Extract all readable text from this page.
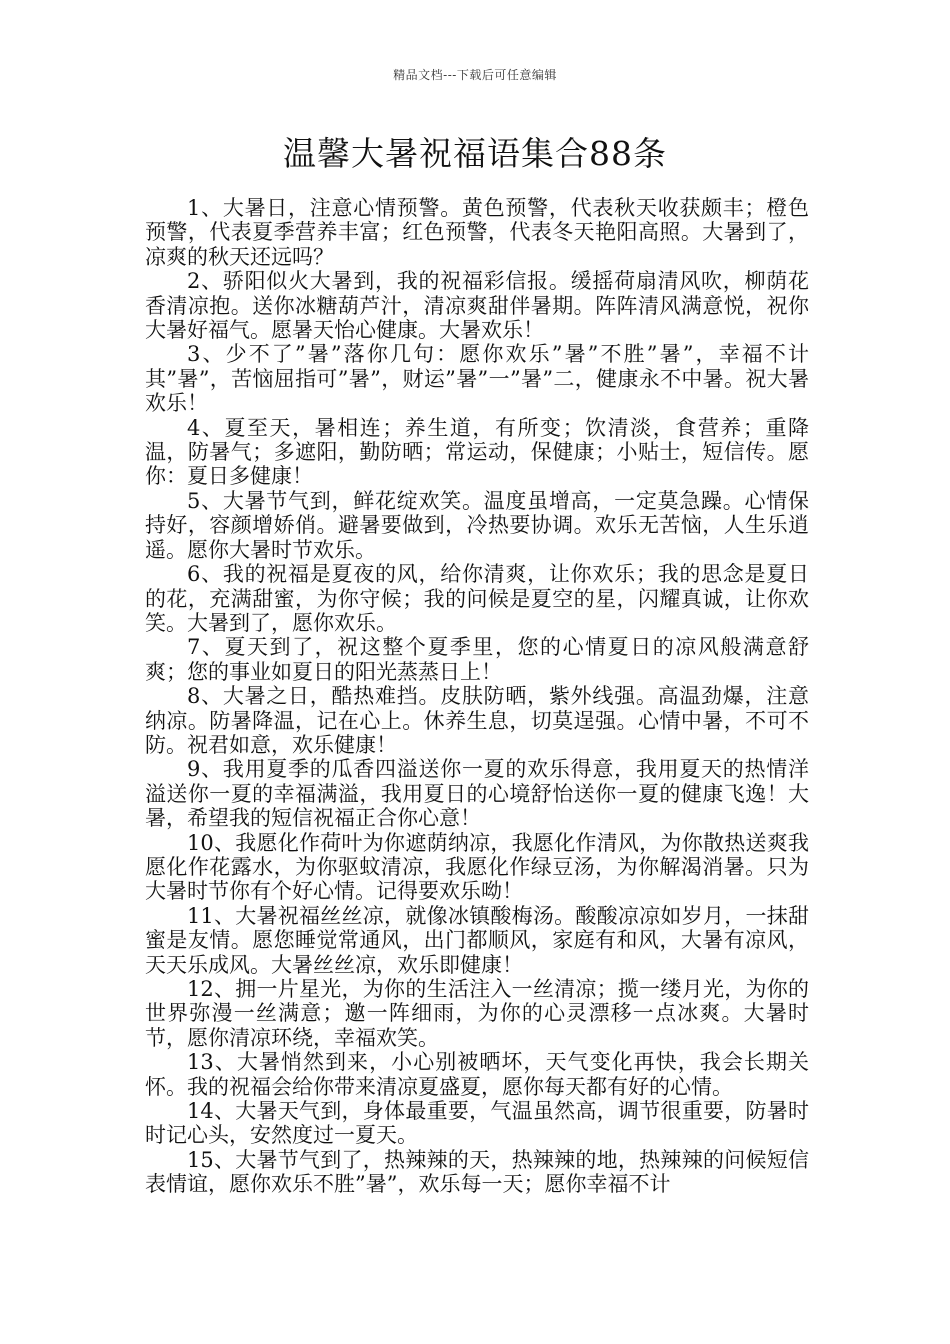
精品文档---下载后可任意编辑
温馨大暑祝福语集合88条

1、大暑日，注意心情预警。黄色预警，代表秋天收获颇丰；橙色预警，代表夏季营养丰富；红色预警，代表冬天艳阳高照。大暑到了，凉爽的秋天还远吗？

2、骄阳似火大暑到，我的祝福彩信报。缓摇荷扇清风吹，柳荫花香清凉抱。送你冰糖葫芦汁，清凉爽甜伴暑期。阵阵清风满意悦，祝你大暑好福气。愿暑天怡心健康。大暑欢乐！

3、少不了”暑”落你几句：愿你欢乐”暑”不胜”暑”，幸福不计其”暑”，苦恼屈指可”暑”，财运”暑”一”暑”二，健康永不中暑。祝大暑欢乐！

4、夏至天，暑相连；养生道，有所变；饮清淡，食营养；重降温，防暑气；多遮阳，勤防晒；常运动，保健康；小贴士，短信传。愿你：夏日多健康！

5、大暑节气到，鲜花绽欢笑。温度虽增高，一定莫急躁。心情保持好，容颜增娇俏。避暑要做到，冷热要协调。欢乐无苦恼，人生乐逍遥。愿你大暑时节欢乐。

6、我的祝福是夏夜的风，给你清爽，让你欢乐；我的思念是夏日的花，充满甜蜜，为你守候；我的问候是夏空的星，闪耀真诚，让你欢笑。大暑到了，愿你欢乐。

7、夏天到了，祝这整个夏季里，您的心情夏日的凉风般满意舒爽；您的事业如夏日的阳光蒸蒸日上！

8、大暑之日，酷热难挡。皮肤防晒，紫外线强。高温劲爆，注意纳凉。防暑降温，记在心上。休养生息，切莫逞强。心情中暑，不可不防。祝君如意，欢乐健康！

9、我用夏季的瓜香四溢送你一夏的欢乐得意，我用夏天的热情洋溢送你一夏的幸福满溢，我用夏日的心境舒怡送你一夏的健康飞逸！大暑，希望我的短信祝福正合你心意！

10、我愿化作荷叶为你遮荫纳凉，我愿化作清风，为你散热送爽我愿化作花露水，为你驱蚊清凉，我愿化作绿豆汤，为你解渴消暑。只为大暑时节你有个好心情。记得要欢乐呦！

11、大暑祝福丝丝凉，就像冰镇酸梅汤。酸酸凉凉如岁月，一抹甜蜜是友情。愿您睡觉常通风，出门都顺风，家庭有和风，大暑有凉风，天天乐成风。大暑丝丝凉，欢乐即健康！

12、拥一片星光，为你的生活注入一丝清凉；揽一缕月光，为你的世界弥漫一丝满意；邀一阵细雨，为你的心灵漂移一点冰爽。大暑时节，愿你清凉环绕，幸福欢笑。

13、大暑悄然到来，小心别被晒坏，天气变化再快，我会长期关怀。我的祝福会给你带来清凉夏盛夏，愿你每天都有好的心情。

14、大暑天气到，身体最重要，气温虽然高，调节很重要，防暑时时记心头，安然度过一夏天。

15、大暑节气到了，热辣辣的天，热辣辣的地，热辣辣的问候短信表情谊，愿你欢乐不胜”暑”，欢乐每一天；愿你幸福不计
